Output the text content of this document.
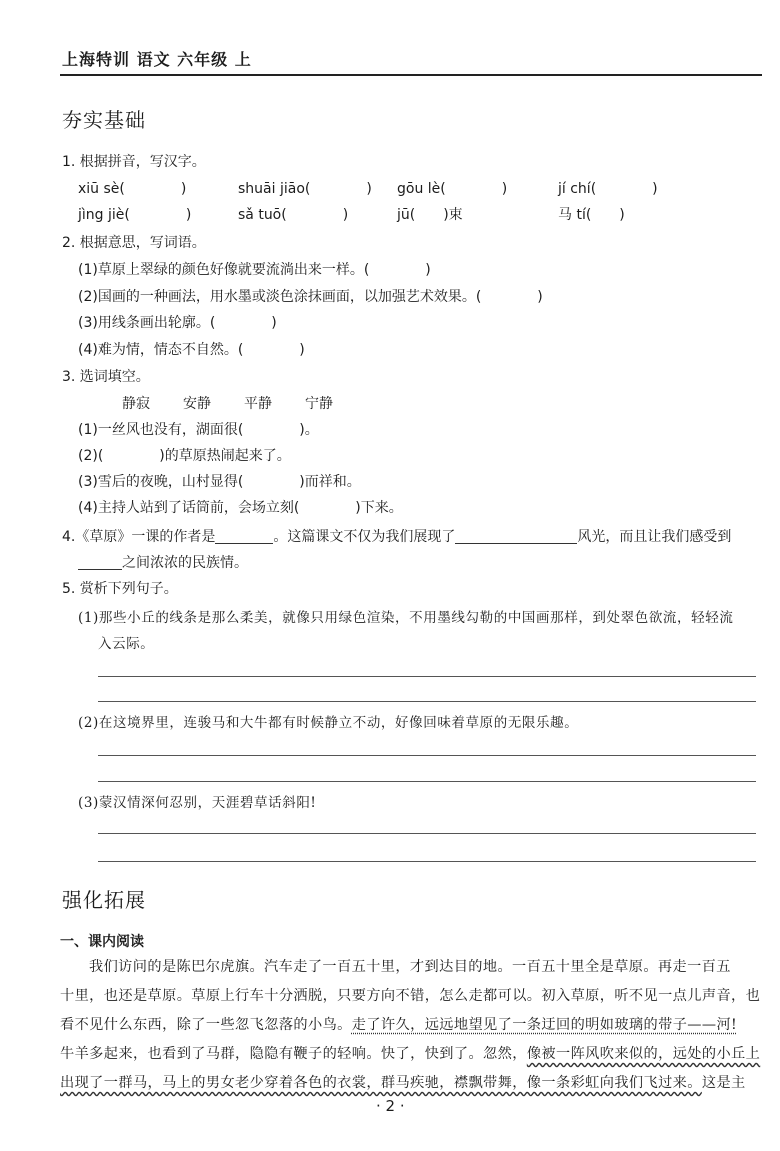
上海特训 语文 六年级 上
夯实基础
1. 根据拼音，写汉字。
xiū sè(　　　　)	shuāi jiāo(　　　　) gōu lè(　　　　)	jí chí(　　　　)
jìng jiè(　　　　)	sǎ tuō(　　　　)	jū(　　)束	马 tí(　　)
2. 根据意思，写词语。
(1)草原上翠绿的颜色好像就要流淌出来一样。(　　　　)
(2)国画的一种画法，用水墨或淡色涂抹画面，以加强艺术效果。(　　　　)
(3)用线条画出轮廓。(　　　　)
(4)难为情，情态不自然。(　　　　)
3. 选词填空。
静寂 安静 平静 宁静
(1)一丝风也没有，湖面很(　　　　)。
(2)(　　　　)的草原热闹起来了。
(3)雪后的夜晚，山村显得(　　　　)而祥和。
(4)主持人站到了话筒前，会场立刻(　　　　)下来。
4.《草原》一课的作者是	。这篇课文不仅为我们展现了	风光，而且让我们感受到
之间浓浓的民族情。
5. 赏析下列句子。
(1)那些小丘的线条是那么柔美，就像只用绿色渲染，不用墨线勾勒的中国画那样，到处翠色欲流，轻轻流
入云际。
(2)在这境界里，连骏马和大牛都有时候静立不动，好像回味着草原的无限乐趣。
(3)蒙汉情深何忍别，天涯碧草话斜阳!
强化拓展
一、课内阅读
我们访问的是陈巴尔虎旗。汽车走了一百五十里，才到达目的地。一百五十里全是草原。再走一百五
十里，也还是草原。草原上行车十分洒脱，只要方向不错，怎么走都可以。初入草原，听不见一点儿声音，也
看不见什么东西，除了一些忽飞忽落的小鸟。走了许久，远远地望见了一条迂回的明如玻璃的带子——河!
牛羊多起来，也看到了马群，隐隐有鞭子的轻响。快了，快到了。忽然，像被一阵风吹来似的，远处的小丘上
出现了一群马，马上的男女老少穿着各色的衣裳，群马疾驰，襟飘带舞，像一条彩虹向我们飞过来。这是主
· 2 ·
